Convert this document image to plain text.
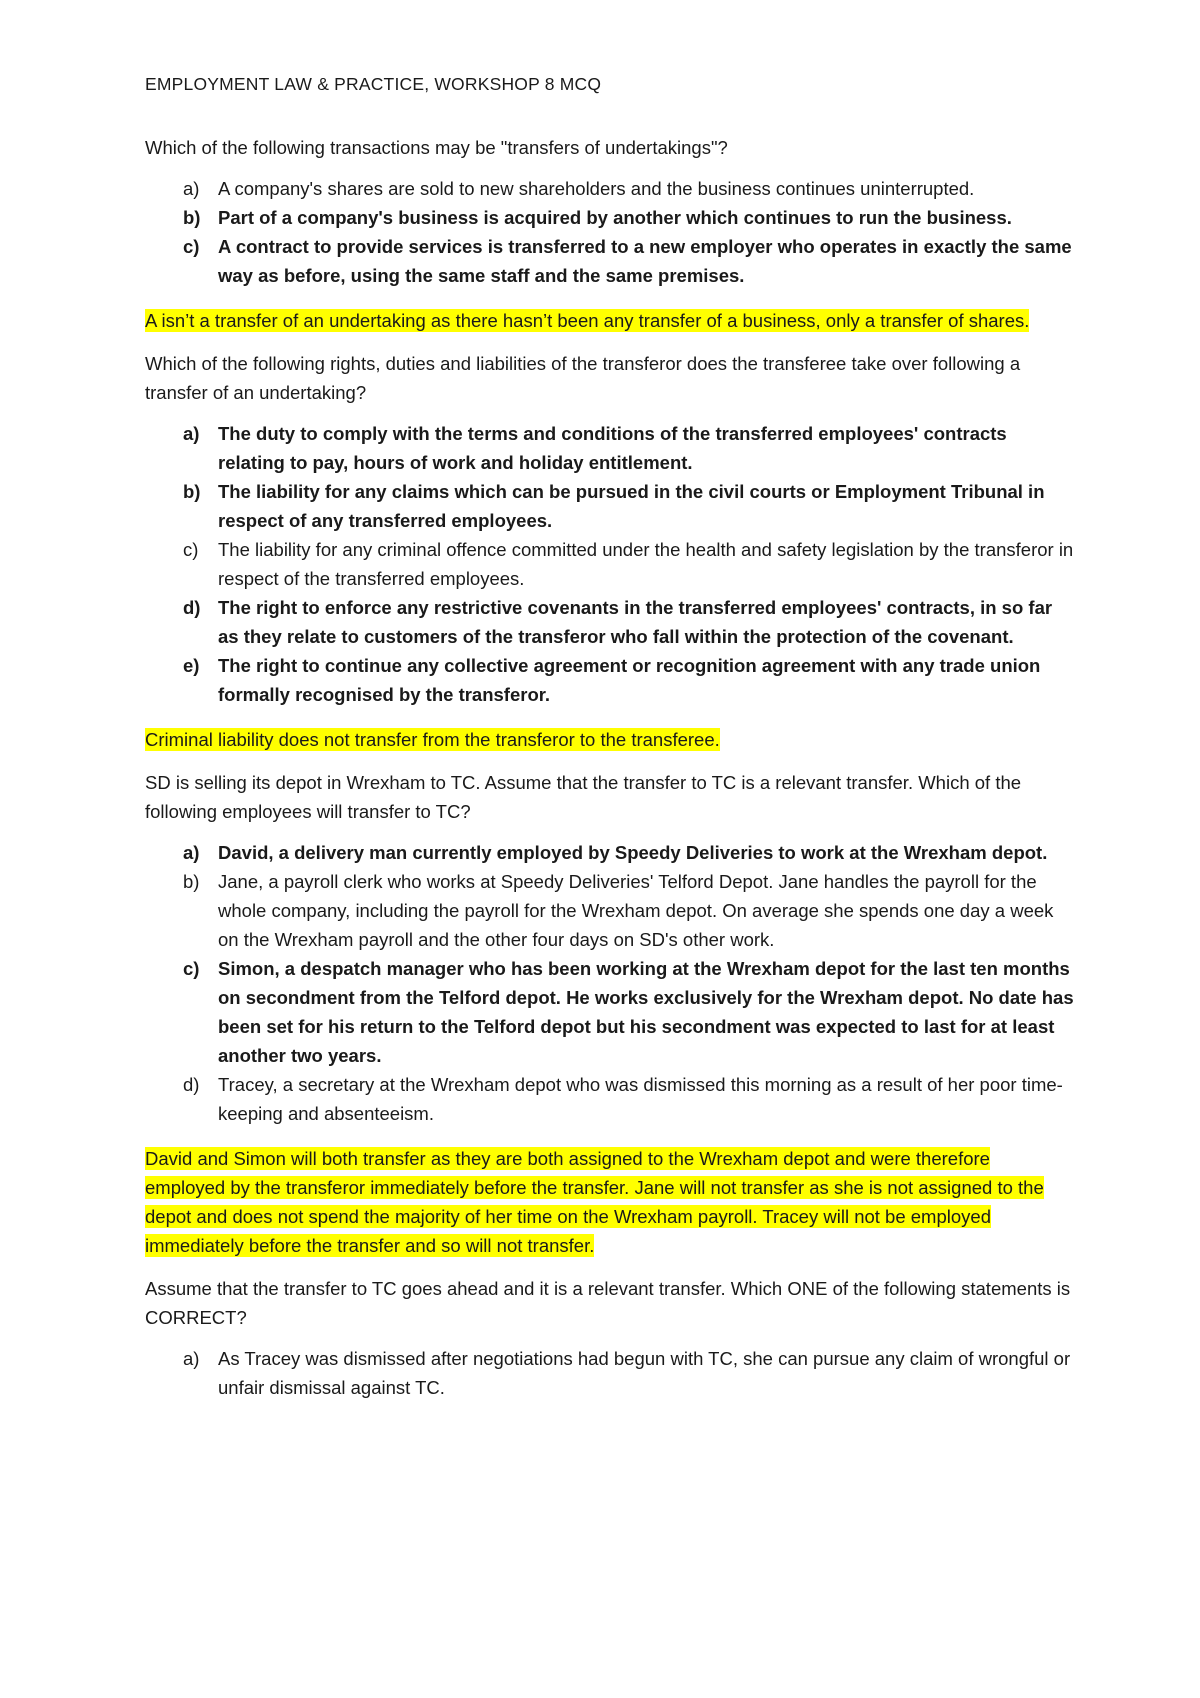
EMPLOYMENT LAW & PRACTICE, WORKSHOP 8 MCQ

Which of the following transactions may be "transfers of undertakings"?

a) A company's shares are sold to new shareholders and the business continues uninterrupted.
b) Part of a company's business is acquired by another which continues to run the business.
c) A contract to provide services is transferred to a new employer who operates in exactly the same way as before, using the same staff and the same premises.

A isn’t a transfer of an undertaking as there hasn’t been any transfer of a business, only a transfer of shares.

Which of the following rights, duties and liabilities of the transferor does the transferee take over following a transfer of an undertaking?

a) The duty to comply with the terms and conditions of the transferred employees' contracts relating to pay, hours of work and holiday entitlement.
b) The liability for any claims which can be pursued in the civil courts or Employment Tribunal in respect of any transferred employees.
c) The liability for any criminal offence committed under the health and safety legislation by the transferor in respect of the transferred employees.
d) The right to enforce any restrictive covenants in the transferred employees' contracts, in so far as they relate to customers of the transferor who fall within the protection of the covenant.
e) The right to continue any collective agreement or recognition agreement with any trade union formally recognised by the transferor.

Criminal liability does not transfer from the transferor to the transferee.

SD is selling its depot in Wrexham to TC. Assume that the transfer to TC is a relevant transfer. Which of the following employees will transfer to TC?

a) David, a delivery man currently employed by Speedy Deliveries to work at the Wrexham depot.
b) Jane, a payroll clerk who works at Speedy Deliveries' Telford Depot. Jane handles the payroll for the whole company, including the payroll for the Wrexham depot. On average she spends one day a week on the Wrexham payroll and the other four days on SD's other work.
c) Simon, a despatch manager who has been working at the Wrexham depot for the last ten months on secondment from the Telford depot. He works exclusively for the Wrexham depot. No date has been set for his return to the Telford depot but his secondment was expected to last for at least another two years.
d) Tracey, a secretary at the Wrexham depot who was dismissed this morning as a result of her poor time-keeping and absenteeism.

David and Simon will both transfer as they are both assigned to the Wrexham depot and were therefore employed by the transferor immediately before the transfer. Jane will not transfer as she is not assigned to the depot and does not spend the majority of her time on the Wrexham payroll. Tracey will not be employed immediately before the transfer and so will not transfer.

Assume that the transfer to TC goes ahead and it is a relevant transfer. Which ONE of the following statements is CORRECT?

a) As Tracey was dismissed after negotiations had begun with TC, she can pursue any claim of wrongful or unfair dismissal against TC.
